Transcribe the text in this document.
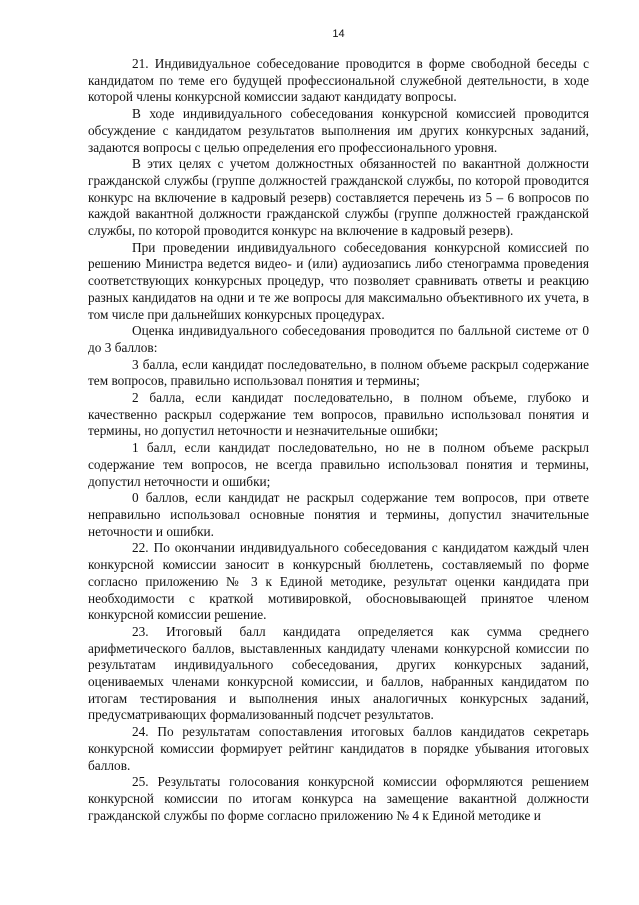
14

21. Индивидуальное собеседование проводится в форме свободной беседы с кандидатом по теме его будущей профессиональной служебной деятельности, в ходе которой члены конкурсной комиссии задают кандидату вопросы.

В ходе индивидуального собеседования конкурсной комиссией проводится обсуждение с кандидатом результатов выполнения им других конкурсных заданий, задаются вопросы с целью определения его профессионального уровня.

В этих целях с учетом должностных обязанностей по вакантной должности гражданской службы (группе должностей гражданской службы, по которой проводится конкурс на включение в кадровый резерв) составляется перечень из 5 – 6 вопросов по каждой вакантной должности гражданской службы (группе должностей гражданской службы, по которой проводится конкурс на включение в кадровый резерв).

При проведении индивидуального собеседования конкурсной комиссией по решению Министра ведется видео- и (или) аудиозапись либо стенограмма проведения соответствующих конкурсных процедур, что позволяет сравнивать ответы и реакцию разных кандидатов на одни и те же вопросы для максимально объективного их учета, в том числе при дальнейших конкурсных процедурах.

Оценка индивидуального собеседования проводится по балльной системе от 0 до 3 баллов:

3 балла, если кандидат последовательно, в полном объеме раскрыл содержание тем вопросов, правильно использовал понятия и термины;

2 балла, если кандидат последовательно, в полном объеме, глубоко и качественно раскрыл содержание тем вопросов, правильно использовал понятия и термины, но допустил неточности и незначительные ошибки;

1 балл, если кандидат последовательно, но не в полном объеме раскрыл содержание тем вопросов, не всегда правильно использовал понятия и термины, допустил неточности и ошибки;

0 баллов, если кандидат не раскрыл содержание тем вопросов, при ответе неправильно использовал основные понятия и термины, допустил значительные неточности и ошибки.

22. По окончании индивидуального собеседования с кандидатом каждый член конкурсной комиссии заносит в конкурсный бюллетень, составляемый по форме согласно приложению № 3 к Единой методике, результат оценки кандидата при необходимости с краткой мотивировкой, обосновывающей принятое членом конкурсной комиссии решение.

23. Итоговый балл кандидата определяется как сумма среднего арифметического баллов, выставленных кандидату членами конкурсной комиссии по результатам индивидуального собеседования, других конкурсных заданий, оцениваемых членами конкурсной комиссии, и баллов, набранных кандидатом по итогам тестирования и выполнения иных аналогичных конкурсных заданий, предусматривающих формализованный подсчет результатов.

24. По результатам сопоставления итоговых баллов кандидатов секретарь конкурсной комиссии формирует рейтинг кандидатов в порядке убывания итоговых баллов.

25. Результаты голосования конкурсной комиссии оформляются решением конкурсной комиссии по итогам конкурса на замещение вакантной должности гражданской службы по форме согласно приложению № 4 к Единой методике и
